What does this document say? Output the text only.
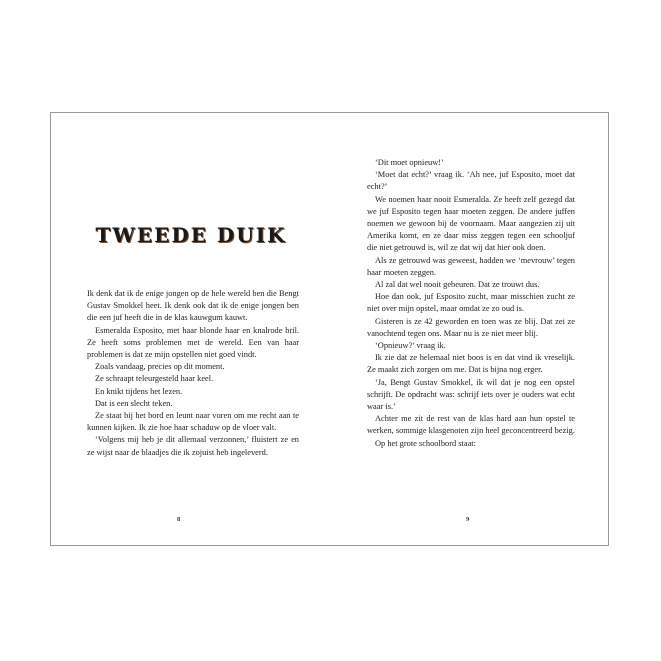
TWEEDE DUIK

Ik denk dat ik de enige jongen op de hele wereld ben die Bengt Gustav Smokkel heet. Ik denk ook dat ik de enige jongen ben die een juf heeft die in de klas kauwgum kauwt.

Esmeralda Esposito, met haar blonde haar en knalrode bril. Ze heeft soms problemen met de wereld. Een van haar problemen is dat ze mijn opstellen niet goed vindt.

Zoals vandaag, precies op dit moment.

Ze schraapt teleurgesteld haar keel.

En knikt tijdens het lezen.

Dat is een slecht teken.

Ze staat bij het bord en leunt naar voren om me recht aan te kunnen kijken. Ik zie hoe haar schaduw op de vloer valt.

‘Volgens mij heb je dit allemaal verzonnen,’ fluistert ze en ze wijst naar de blaadjes die ik zojuist heb ingeleverd.

8

‘Dit moet opnieuw!’

‘Moet dat echt?’ vraag ik. ‘Ah nee, juf Esposito, moet dat echt?’

We noemen haar nooit Esmeralda. Ze heeft zelf gezegd dat we juf Esposito tegen haar moeten zeggen. De andere juffen noemen we gewoon bij de voornaam. Maar aangezien zij uit Amerika komt, en ze daar miss zeggen tegen een schooljuf die niet getrouwd is, wil ze dat wij dat hier ook doen.

Als ze getrouwd was geweest, hadden we ‘mevrouw’ tegen haar moeten zeggen.

Al zal dat wel nooit gebeuren. Dat ze trouwt dus.

Hoe dan ook, juf Esposito zucht, maar misschien zucht ze niet over mijn opstel, maar omdat ze zo oud is.

Gisteren is ze 42 geworden en toen was ze blij. Dat zei ze vanochtend tegen ons. Maar nu is ze niet meer blij.

‘Opnieuw?’ vraag ik.

Ik zie dat ze helemaal niet boos is en dat vind ik vreselijk. Ze maakt zich zorgen om me. Dat is bijna nog erger.

‘Ja, Bengt Gustav Smokkel, ik wil dat je nog een opstel schrijft. De opdracht was: schrijf iets over je ouders wat echt waar is.’

Achter me zit de rest van de klas hard aan hun opstel te werken, sommige klasgenoten zijn heel geconcentreerd bezig.

Op het grote schoolbord staat:

9
